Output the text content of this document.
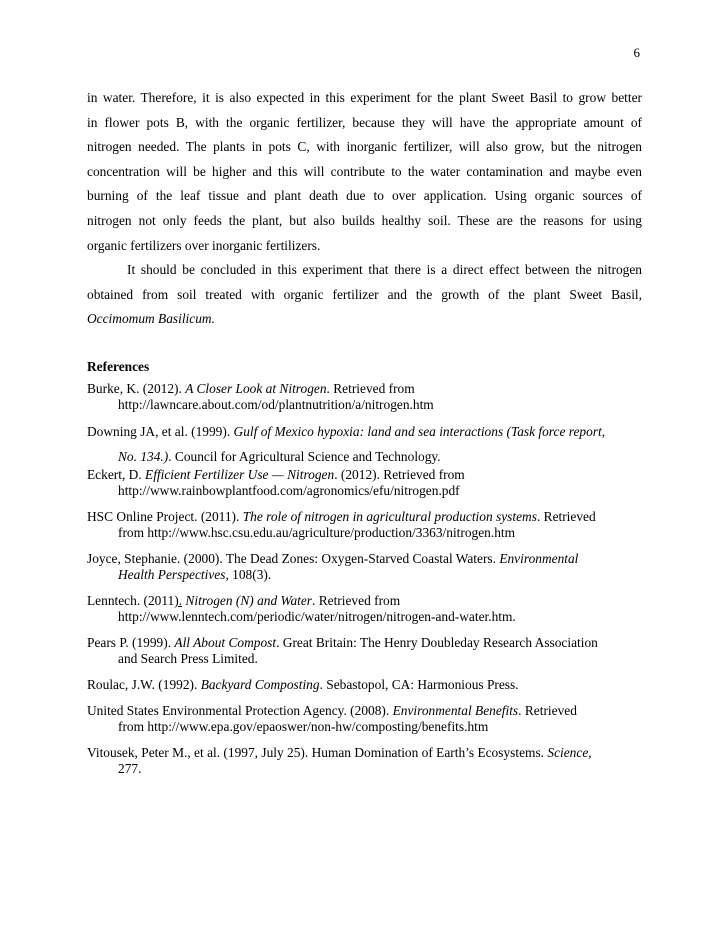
6

in water. Therefore, it is also expected in this experiment for the plant Sweet Basil to grow better
in flower pots B, with the organic fertilizer, because they will have the appropriate amount of
nitrogen needed. The plants in pots C, with inorganic fertilizer, will also grow, but the nitrogen
concentration will be higher and this will contribute to the water contamination and maybe even
burning of the leaf tissue and plant death due to over application. Using organic sources of
nitrogen not only feeds the plant, but also builds healthy soil. These are the reasons for using
organic fertilizers over inorganic fertilizers.

It should be concluded in this experiment that there is a direct effect between the nitrogen
obtained from soil treated with organic fertilizer and the growth of the plant Sweet Basil,
Occimomum Basilicum.

References
Burke, K. (2012). A Closer Look at Nitrogen. Retrieved from
http://lawncare.about.com/od/plantnutrition/a/nitrogen.htm
Downing JA, et al. (1999). Gulf of Mexico hypoxia: land and sea interactions (Task force report,
No. 134.). Council for Agricultural Science and Technology.
Eckert, D. Efficient Fertilizer Use — Nitrogen. (2012). Retrieved from
http://www.rainbowplantfood.com/agronomics/efu/nitrogen.pdf
HSC Online Project. (2011). The role of nitrogen in agricultural production systems. Retrieved
from http://www.hsc.csu.edu.au/agriculture/production/3363/nitrogen.htm
Joyce, Stephanie. (2000). The Dead Zones: Oxygen-Starved Coastal Waters. Environmental
Health Perspectives, 108(3).
Lenntech. (2011). Nitrogen (N) and Water. Retrieved from
http://www.lenntech.com/periodic/water/nitrogen/nitrogen-and-water.htm.
Pears P. (1999). All About Compost. Great Britain: The Henry Doubleday Research Association
and Search Press Limited.
Roulac, J.W. (1992). Backyard Composting. Sebastopol, CA: Harmonious Press.
United States Environmental Protection Agency. (2008). Environmental Benefits. Retrieved
from http://www.epa.gov/epaoswer/non-hw/composting/benefits.htm
Vitousek, Peter M., et al. (1997, July 25). Human Domination of Earth’s Ecosystems. Science,
277.
